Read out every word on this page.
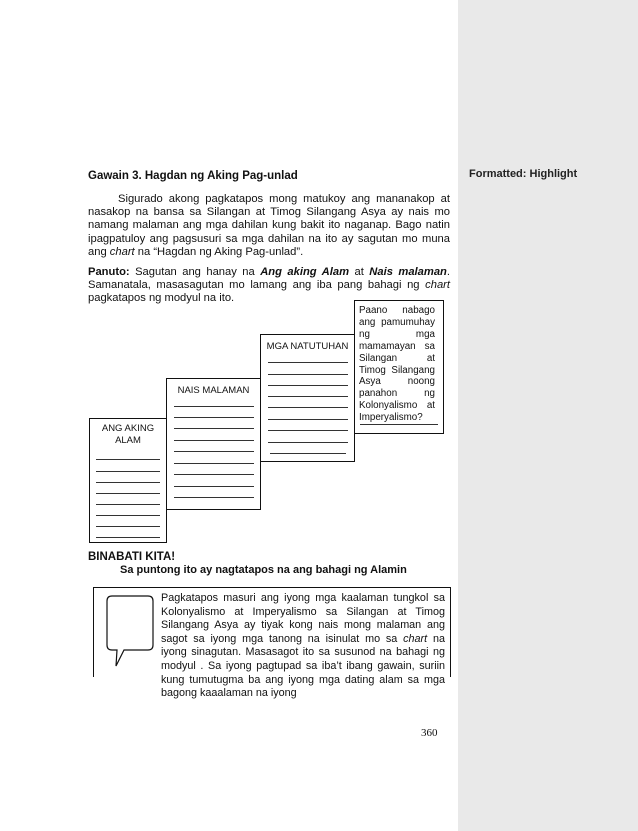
Formatted: Highlight
Gawain 3. Hagdan ng Aking Pag-unlad
Sigurado akong pagkatapos mong matukoy ang mananakop at nasakop na bansa sa Silangan at Timog Silangang Asya ay nais mo namang malaman ang mga dahilan kung bakit ito naganap. Bago natin ipagpatuloy ang pagsusuri sa mga dahilan na ito ay sagutan mo muna ang chart na “Hagdan ng Aking Pag-unlad”.
Panuto: Sagutan ang hanay na Ang aking Alam at Nais malaman. Samanatala, masasagutan mo lamang ang iba pang bahagi ng chart pagkatapos ng modyul na ito.
ANG AKING
ALAM
NAIS MALAMAN
MGA NATUTUHAN
Paano nabago ang pamumuhay ng mga mamamayan sa Silangan at Timog Silangang Asya noong panahon ng Kolonyalismo at Imperyalismo?
BINABATI KITA!
Sa puntong ito ay nagtatapos na ang bahagi ng Alamin
Pagkatapos masuri ang iyong mga kaalaman tungkol sa Kolonyalismo at Imperyalismo sa Silangan at Timog Silangang Asya ay tiyak kong nais mong malaman ang sagot sa iyong mga tanong na isinulat mo sa chart na iyong sinagutan. Masasagot ito sa susunod na bahagi ng modyul . Sa iyong pagtupad sa iba’t ibang gawain, suriin kung tumutugma ba ang iyong mga dating alam sa mga bagong kaaalaman na iyong
360
